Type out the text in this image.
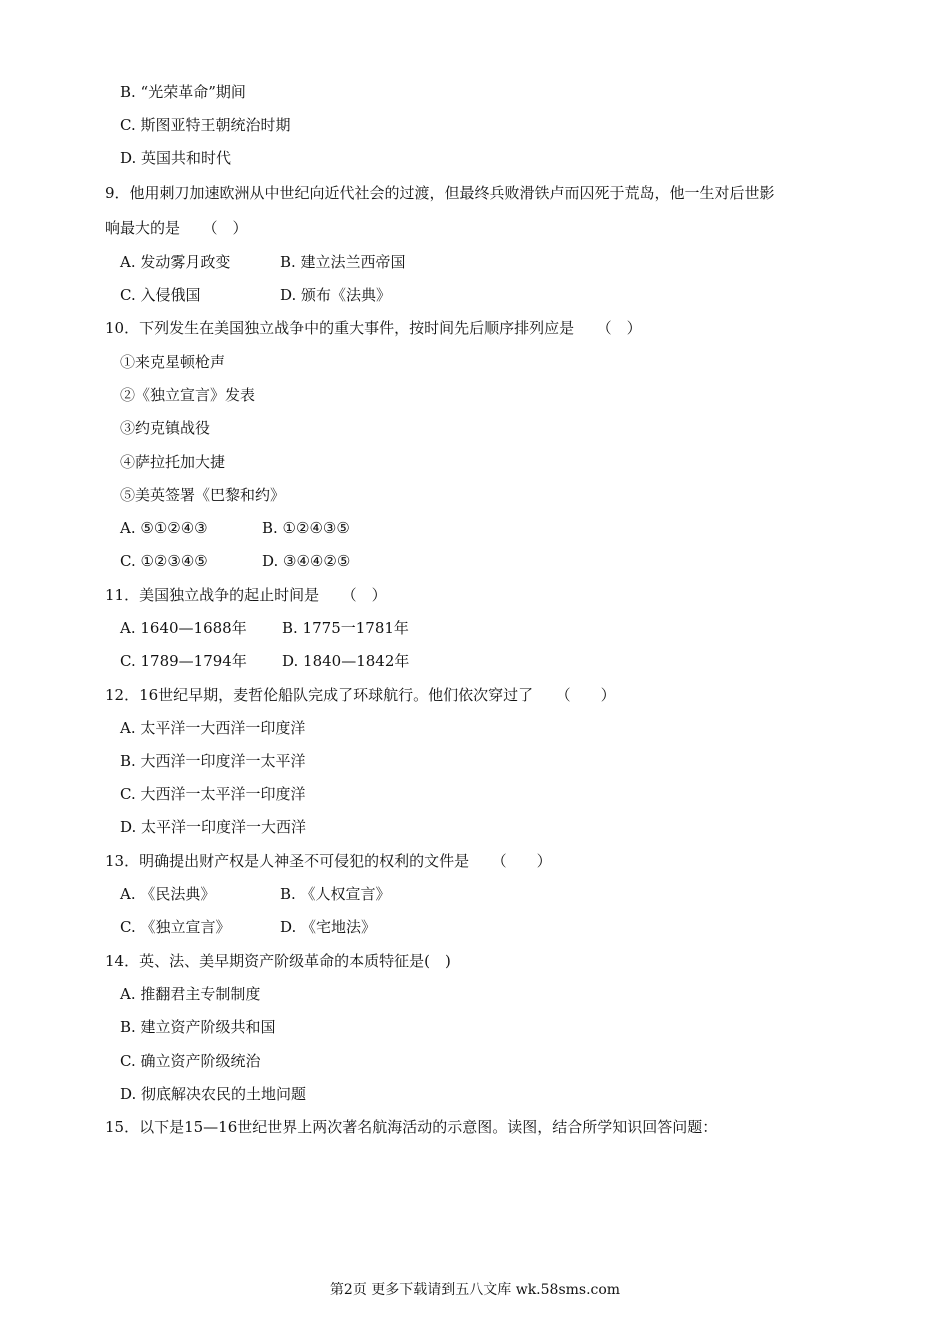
B. “光荣革命”期间
C. 斯图亚特王朝统治时期
D. 英国共和时代
9．他用刺刀加速欧洲从中世纪向近代社会的过渡，但最终兵败滑铁卢而囚死于荒岛，他一生对后世影
响最大的是　　（　）
A. 发动雾月政变	B. 建立法兰西帝国
C. 入侵俄国	D. 颁布《法典》
10．下列发生在美国独立战争中的重大事件，按时间先后顺序排列应是　　（　）
①来克星顿枪声
②《独立宣言》发表
③约克镇战役
④萨拉托加大捷
⑤美英签署《巴黎和约》
A. ⑤①②④③	B. ①②④③⑤
C. ①②③④⑤	D. ③④④②⑤
11．美国独立战争的起止时间是　　（　）
A. 1640—1688年 B. 1775一1781年
C. 1789—1794年 D. 1840—1842年
12．16世纪早期，麦哲伦船队完成了环球航行。他们依次穿过了　　（　　）
A. 太平洋一大西洋一印度洋
B. 大西洋一印度洋一太平洋
C. 大西洋一太平洋一印度洋
D. 太平洋一印度洋一大西洋
13．明确提出财产权是人神圣不可侵犯的权利的文件是　　（　　）
A. 《民法典》	B. 《人权宣言》
C. 《独立宣言》	D. 《宅地法》
14．英、法、美早期资产阶级革命的本质特征是(　)
A. 推翻君主专制制度
B. 建立资产阶级共和国
C. 确立资产阶级统治
D. 彻底解决农民的土地问题
15．以下是15—16世纪世界上两次著名航海活动的示意图。读图，结合所学知识回答问题：
第2页 更多下载请到五八文库 wk.58sms.com
